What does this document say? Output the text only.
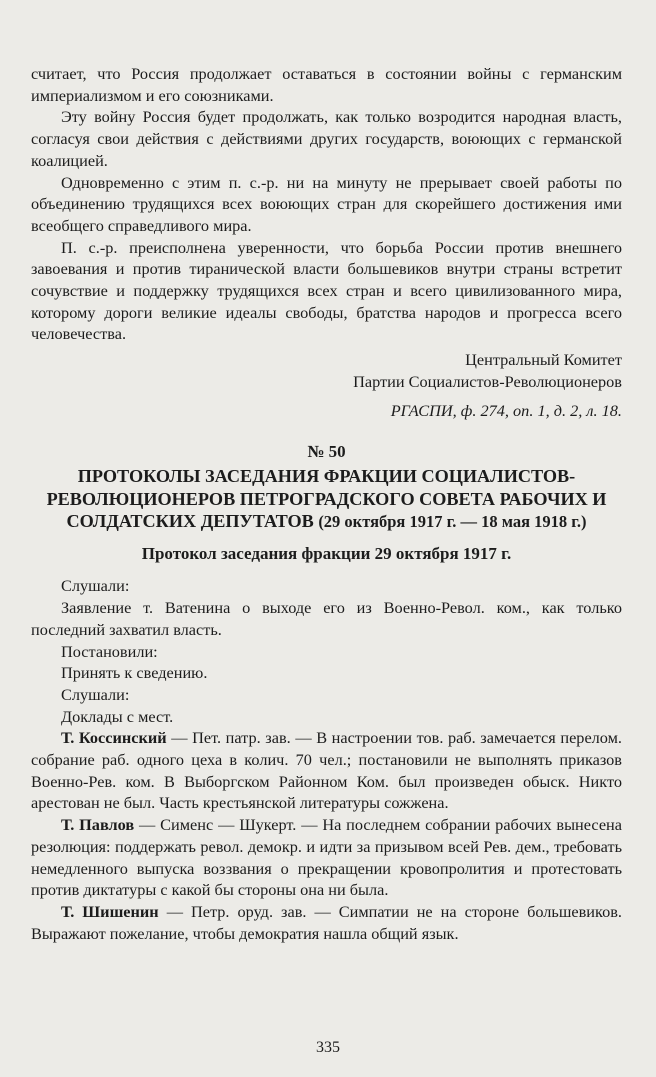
считает, что Россия продолжает оставаться в состоянии войны с германским империализмом и его союзниками.

Эту войну Россия будет продолжать, как только возродится народная власть, согласуя свои действия с действиями других государств, воюющих с германской коалицией.

Одновременно с этим п. с.-р. ни на минуту не прерывает своей работы по объединению трудящихся всех воюющих стран для скорейшего достижения ими всеобщего справедливого мира.

П. с.-р. преисполнена уверенности, что борьба России против внешнего завоевания и против тиранической власти большевиков внутри страны встретит сочувствие и поддержку трудящихся всех стран и всего цивилизованного мира, которому дороги великие идеалы свободы, братства народов и прогресса всего человечества.

Центральный Комитет

Партии Социалистов-Революционеров

РГАСПИ, ф. 274, оп. 1, д. 2, л. 18.

№ 50

ПРОТОКОЛЫ ЗАСЕДАНИЯ ФРАКЦИИ СОЦИАЛИСТОВ-РЕВОЛЮЦИОНЕРОВ ПЕТРОГРАДСКОГО СОВЕТА РАБОЧИХ И СОЛДАТСКИХ ДЕПУТАТОВ (29 октября 1917 г. — 18 мая 1918 г.)

Протокол заседания фракции 29 октября 1917 г.

Слушали:

Заявление т. Ватенина о выходе его из Военно-Револ. ком., как только последний захватил власть.

Постановили:

Принять к сведению.

Слушали:

Доклады с мест.

Т. Коссинский — Пет. патр. зав. — В настроении тов. раб. замечается перелом. собрание раб. одного цеха в колич. 70 чел.; постановили не выполнять приказов Военно-Рев. ком. В Выборгском Районном Ком. был произведен обыск. Никто арестован не был. Часть крестьянской литературы сожжена.

Т. Павлов — Сименс — Шукерт. — На последнем собрании рабочих вынесена резолюция: поддержать револ. демокр. и идти за призывом всей Рев. дем., требовать немедленного выпуска воззвания о прекращении кровопролития и протестовать против диктатуры с какой бы стороны она ни была.

Т. Шишенин — Петр. оруд. зав. — Симпатии не на стороне большевиков. Выражают пожелание, чтобы демократия нашла общий язык.

335
